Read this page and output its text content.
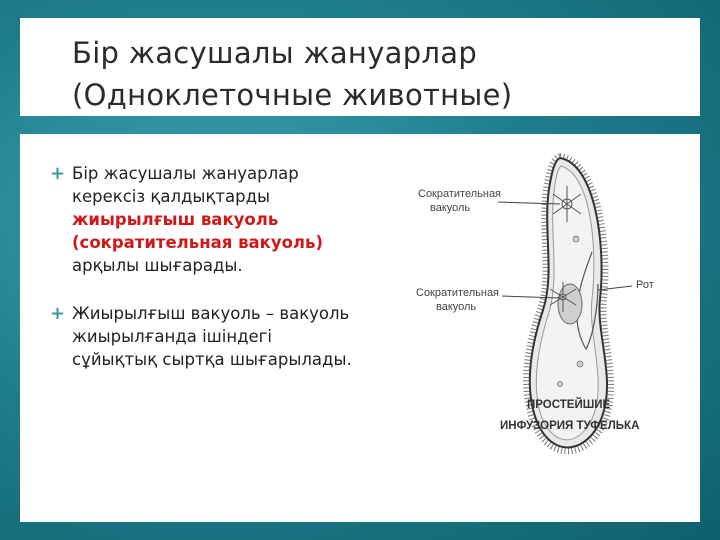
Бір жасушалы жануарлар
(Одноклеточные животные)
+ Бір жасушалы жануарлар
керексіз қалдықтарды
жиырылғыш вакуоль
(сократительная вакуоль)
арқылы шығарады.
+ Жиырылғыш вакуоль – вакуоль
жиырылғанда ішіндегі
сұйықтық сыртқа шығарылады.
Сократительная
вакуоль
Сократительная
вакуоль
Рот
ПРОСТЕЙШИЕ
ИНФУЗОРИЯ ТУФЕЛЬКА
